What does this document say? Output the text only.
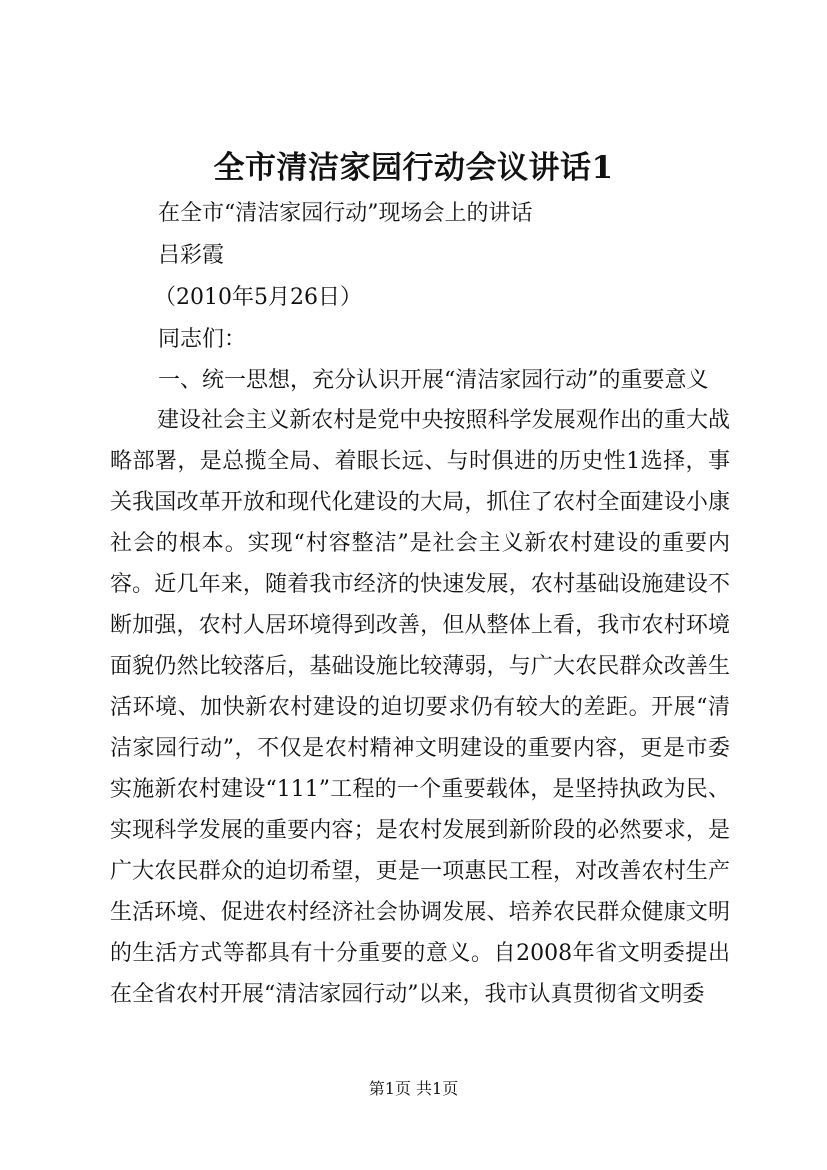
全市清洁家园行动会议讲话1
在全市“清洁家园行动”现场会上的讲话
吕彩霞
（2010年5月26日）
同志们：
一、统一思想，充分认识开展“清洁家园行动”的重要意义

建设社会主义新农村是党中央按照科学发展观作出的重大战略部署，是总揽全局、着眼长远、与时俱进的历史性1选择，事关我国改革开放和现代化建设的大局，抓住了农村全面建设小康社会的根本。实现“村容整洁”是社会主义新农村建设的重要内容。近几年来，随着我市经济的快速发展，农村基础设施建设不断加强，农村人居环境得到改善，但从整体上看，我市农村环境面貌仍然比较落后，基础设施比较薄弱，与广大农民群众改善生活环境、加快新农村建设的迫切要求仍有较大的差距。开展“清洁家园行动”，不仅是农村精神文明建设的重要内容，更是市委实施新农村建设“111”工程的一个重要载体，是坚持执政为民、实现科学发展的重要内容；是农村发展到新阶段的必然要求，是广大农民群众的迫切希望，更是一项惠民工程，对改善农村生产生活环境、促进农村经济社会协调发展、培养农民群众健康文明的生活方式等都具有十分重要的意义。自2008年省文明委提出在全省农村开展“清洁家园行动”以来，我市认真贯彻省文明委

第1页 共1页
